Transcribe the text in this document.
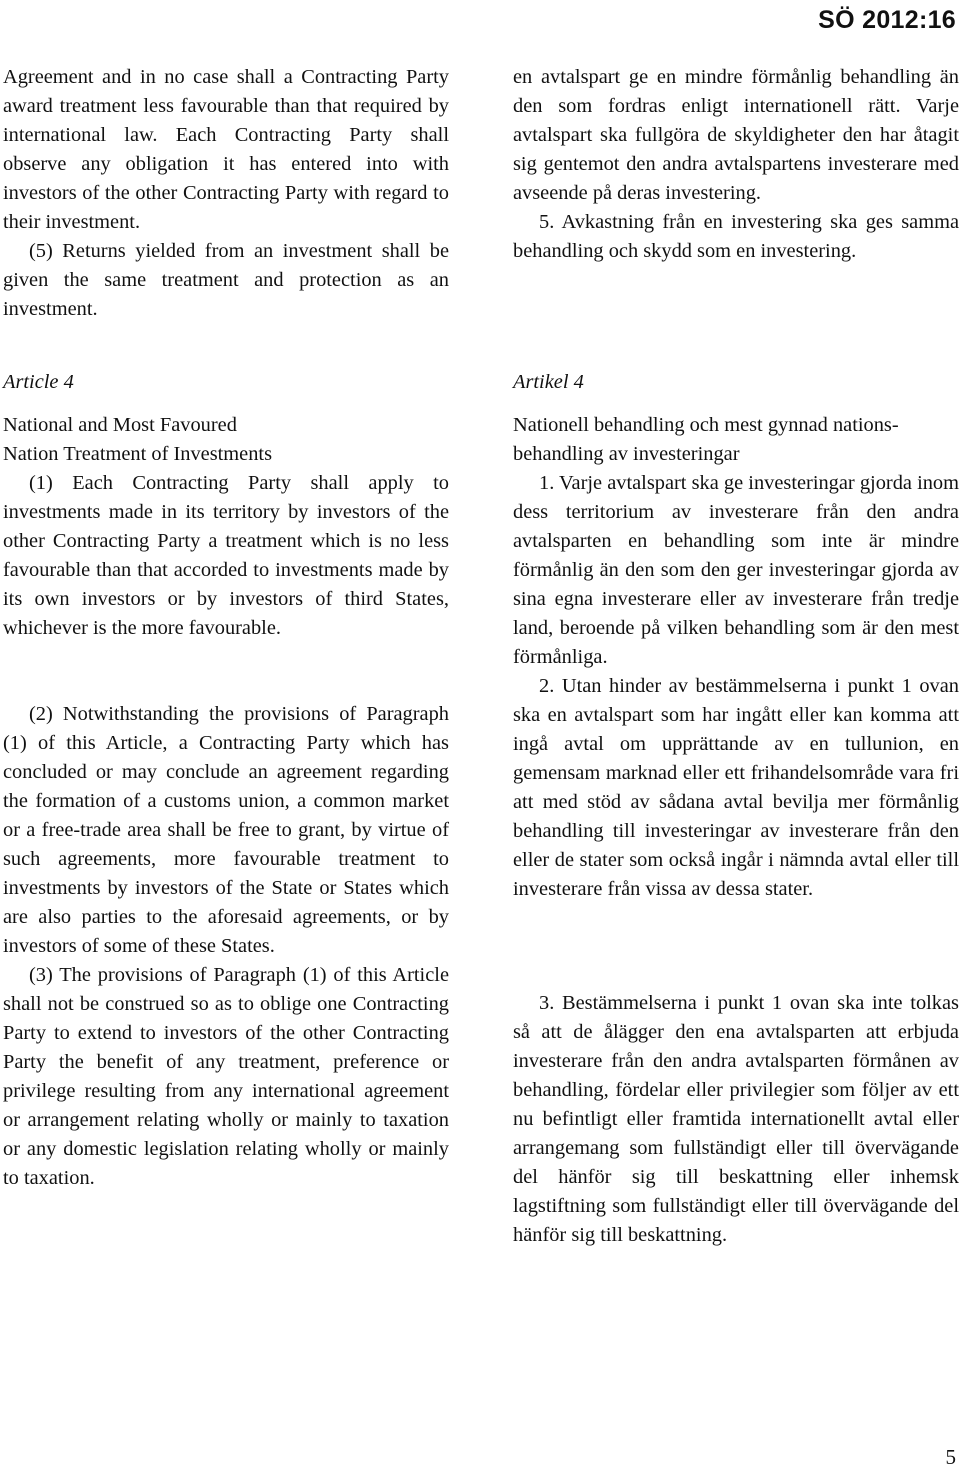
SÖ 2012:16

Agreement and in no case shall a Contracting Party award treatment less favourable than that required by international law. Each Contracting Party shall observe any obligation it has entered into with investors of the other Contracting Party with regard to their investment.

(5) Returns yielded from an investment shall be given the same treatment and protection as an investment.

Article 4

National and Most Favoured

Nation Treatment of Investments

(1) Each Contracting Party shall apply to investments made in its territory by investors of the other Contracting Party a treatment which is no less favourable than that accorded to investments made by its own investors or by investors of third States, whichever is the more favourable.

(2) Notwithstanding the provisions of Paragraph (1) of this Article, a Contracting Party which has concluded or may conclude an agreement regarding the formation of a customs union, a common market or a free-trade area shall be free to grant, by virtue of such agreements, more favourable treatment to investments by investors of the State or States which are also parties to the aforesaid agreements, or by investors of some of these States.

(3) The provisions of Paragraph (1) of this Article shall not be construed so as to oblige one Contracting Party to extend to investors of the other Contracting Party the benefit of any treatment, preference or privilege resulting from any international agreement or arrangement relating wholly or mainly to taxation or any domestic legislation relating wholly or mainly to taxation.

en avtalspart ge en mindre förmånlig behandling än den som fordras enligt internationell rätt. Varje avtalspart ska fullgöra de skyldigheter den har åtagit sig gentemot den andra avtalspartens investerare med avseende på deras investering.

5. Avkastning från en investering ska ges samma behandling och skydd som en investering.

Artikel 4

Nationell behandling och mest gynnad nations-

behandling av investeringar

1. Varje avtalspart ska ge investeringar gjorda inom dess territorium av investerare från den andra avtalsparten en behandling som inte är mindre förmånlig än den som den ger investeringar gjorda av sina egna investerare eller av investerare från tredje land, beroende på vilken behandling som är den mest förmånliga.

2. Utan hinder av bestämmelserna i punkt 1 ovan ska en avtalspart som har ingått eller kan komma att ingå avtal om upprättande av en tullunion, en gemensam marknad eller ett frihandelsområde vara fri att med stöd av sådana avtal bevilja mer förmånlig behandling till investeringar av investerare från den eller de stater som också ingår i nämnda avtal eller till investerare från vissa av dessa stater.

3. Bestämmelserna i punkt 1 ovan ska inte tolkas så att de ålägger den ena avtalsparten att erbjuda investerare från den andra avtalsparten förmånen av behandling, fördelar eller privilegier som följer av ett nu befintligt eller framtida internationellt avtal eller arrangemang som fullständigt eller till övervägande del hänför sig till beskattning eller inhemsk lagstiftning som fullständigt eller till övervägande del hänför sig till beskattning.

5
